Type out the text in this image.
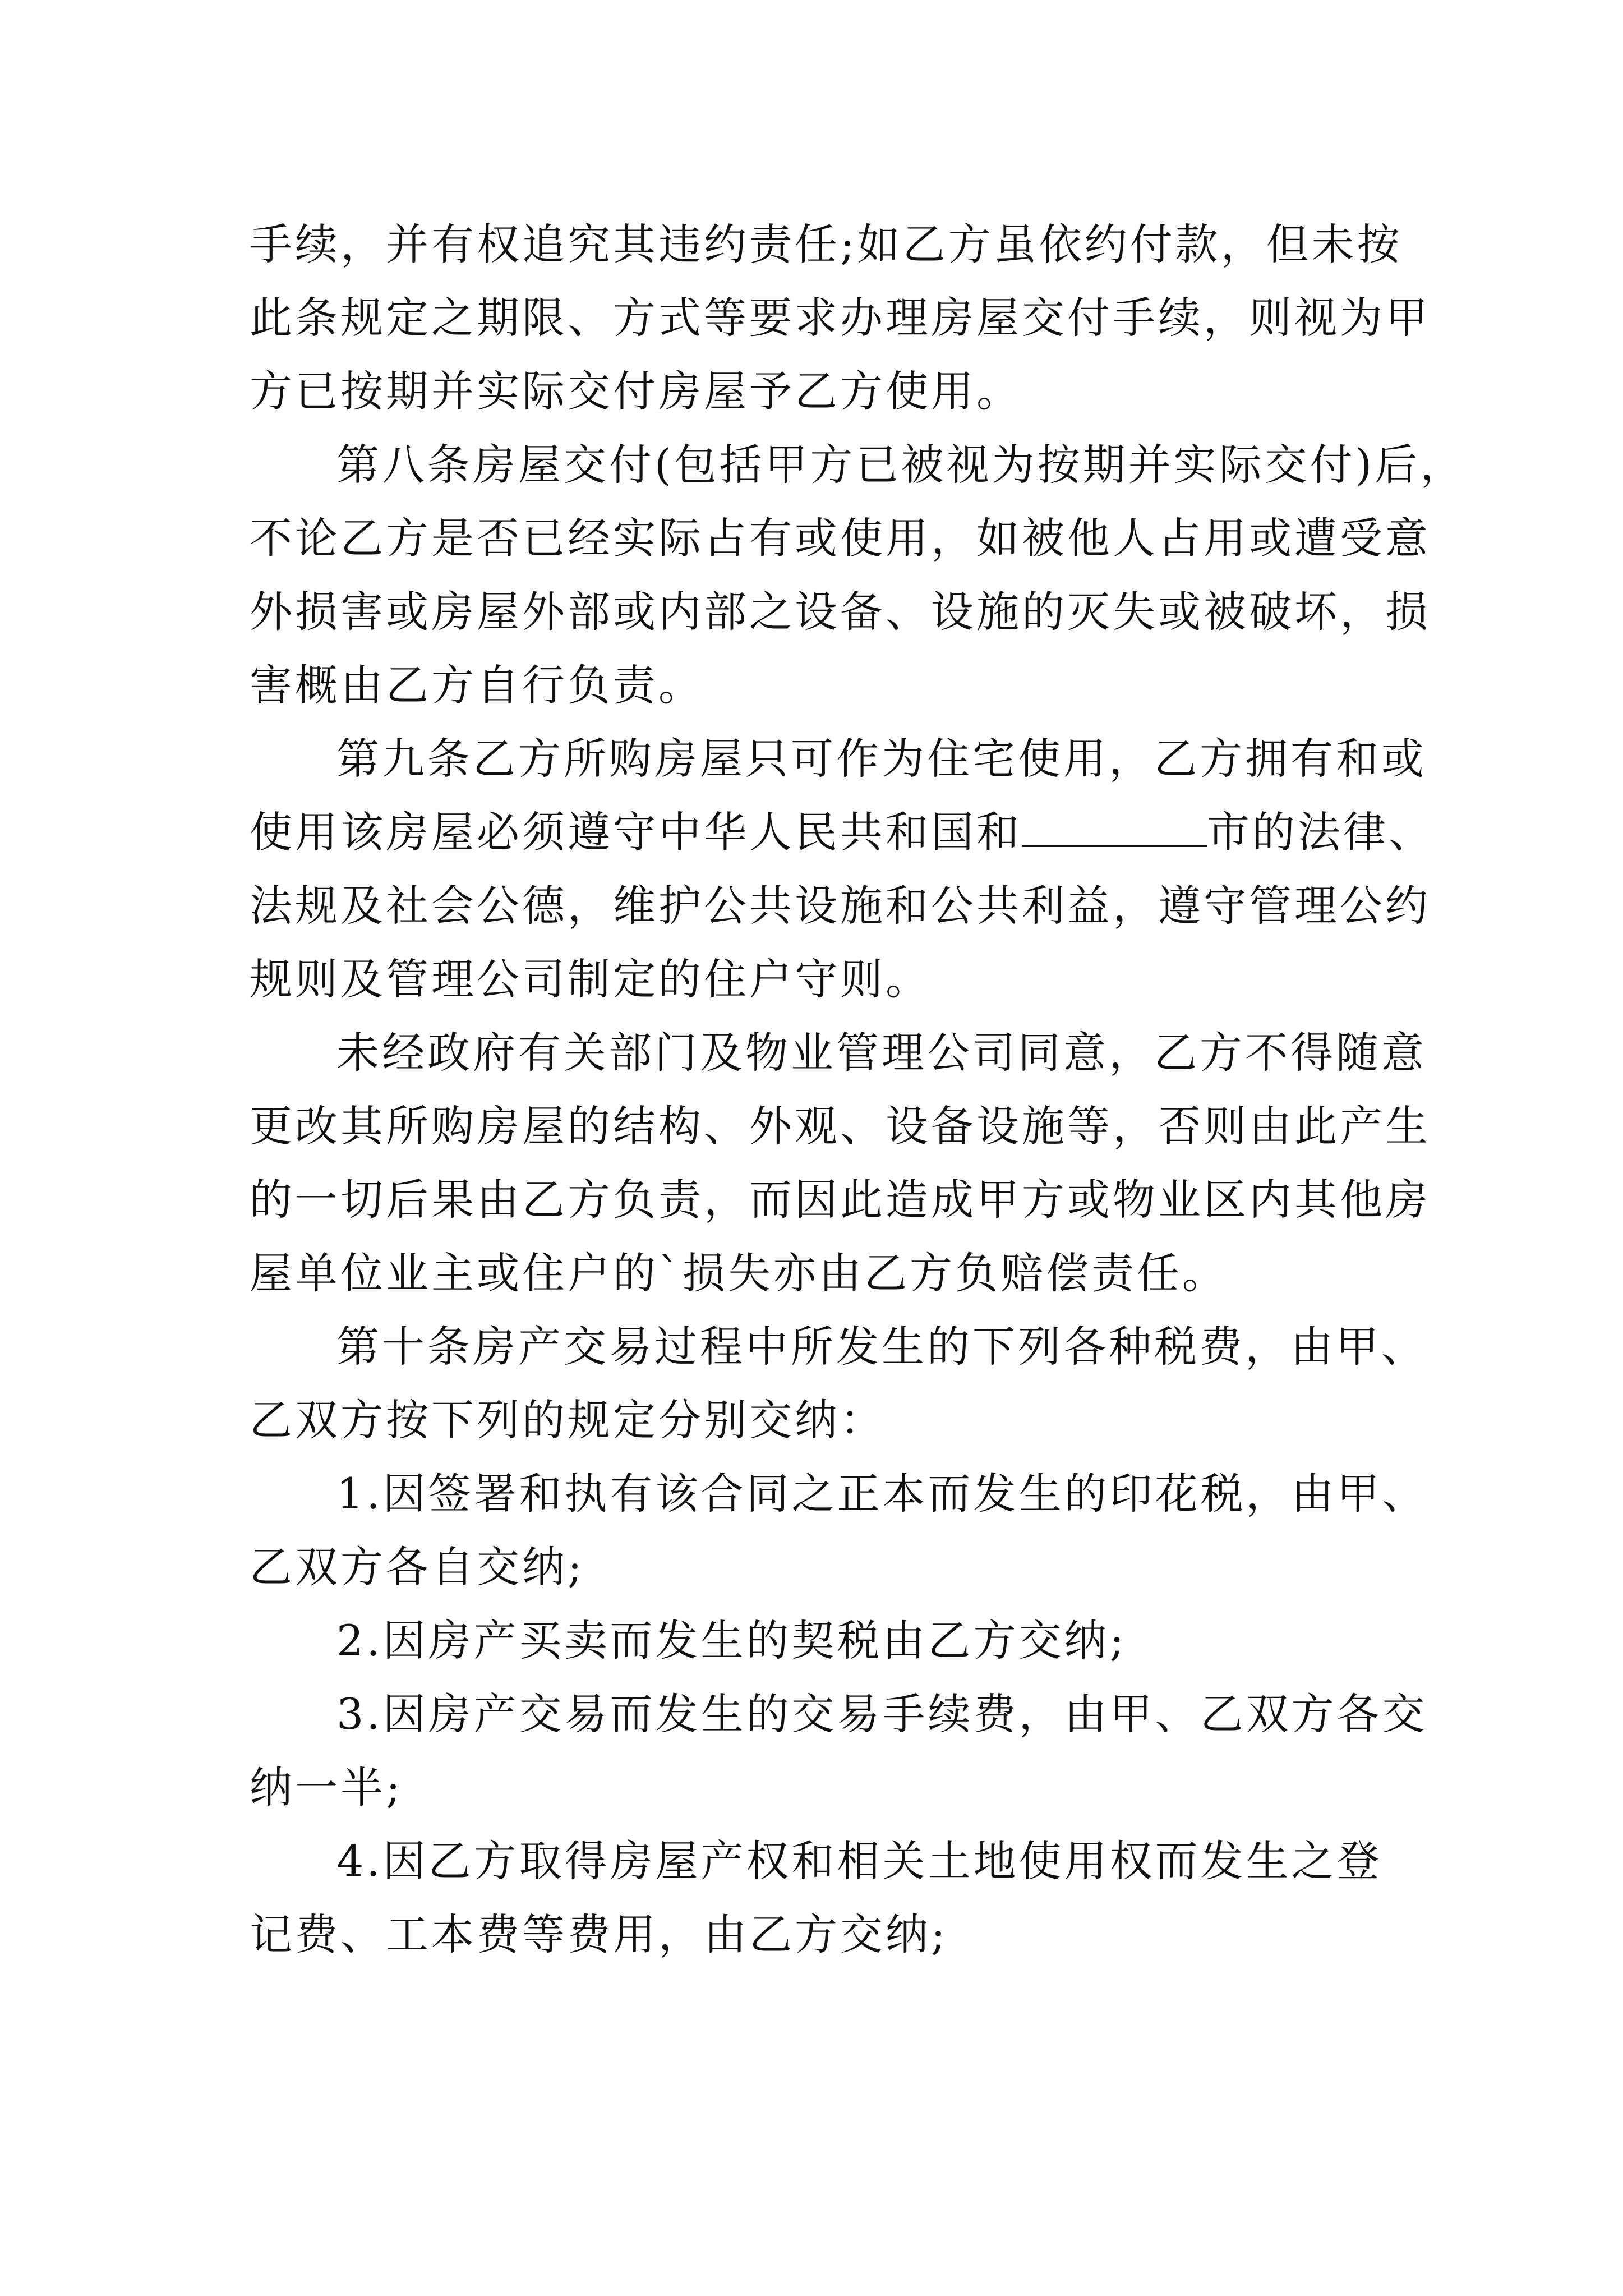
手续，并有权追究其违约责任;如乙方虽依约付款，但未按
此条规定之期限、方式等要求办理房屋交付手续，则视为甲
方已按期并实际交付房屋予乙方使用。
第八条房屋交付(包括甲方已被视为按期并实际交付)后，
不论乙方是否已经实际占有或使用，如被他人占用或遭受意
外损害或房屋外部或内部之设备、设施的灭失或被破坏，损
害概由乙方自行负责。
第九条乙方所购房屋只可作为住宅使用，乙方拥有和或
使用该房屋必须遵守中华人民共和国和	市的法律、
法规及社会公德，维护公共设施和公共利益，遵守管理公约
规则及管理公司制定的住户守则。
未经政府有关部门及物业管理公司同意，乙方不得随意
更改其所购房屋的结构、外观、设备设施等，否则由此产生
的一切后果由乙方负责，而因此造成甲方或物业区内其他房
屋单位业主或住户的`损失亦由乙方负赔偿责任。
第十条房产交易过程中所发生的下列各种税费，由甲、
乙双方按下列的规定分别交纳：
1.因签署和执有该合同之正本而发生的印花税，由甲、
乙双方各自交纳;
2.因房产买卖而发生的契税由乙方交纳;
3.因房产交易而发生的交易手续费，由甲、乙双方各交
纳一半;
4.因乙方取得房屋产权和相关土地使用权而发生之登
记费、工本费等费用，由乙方交纳;
